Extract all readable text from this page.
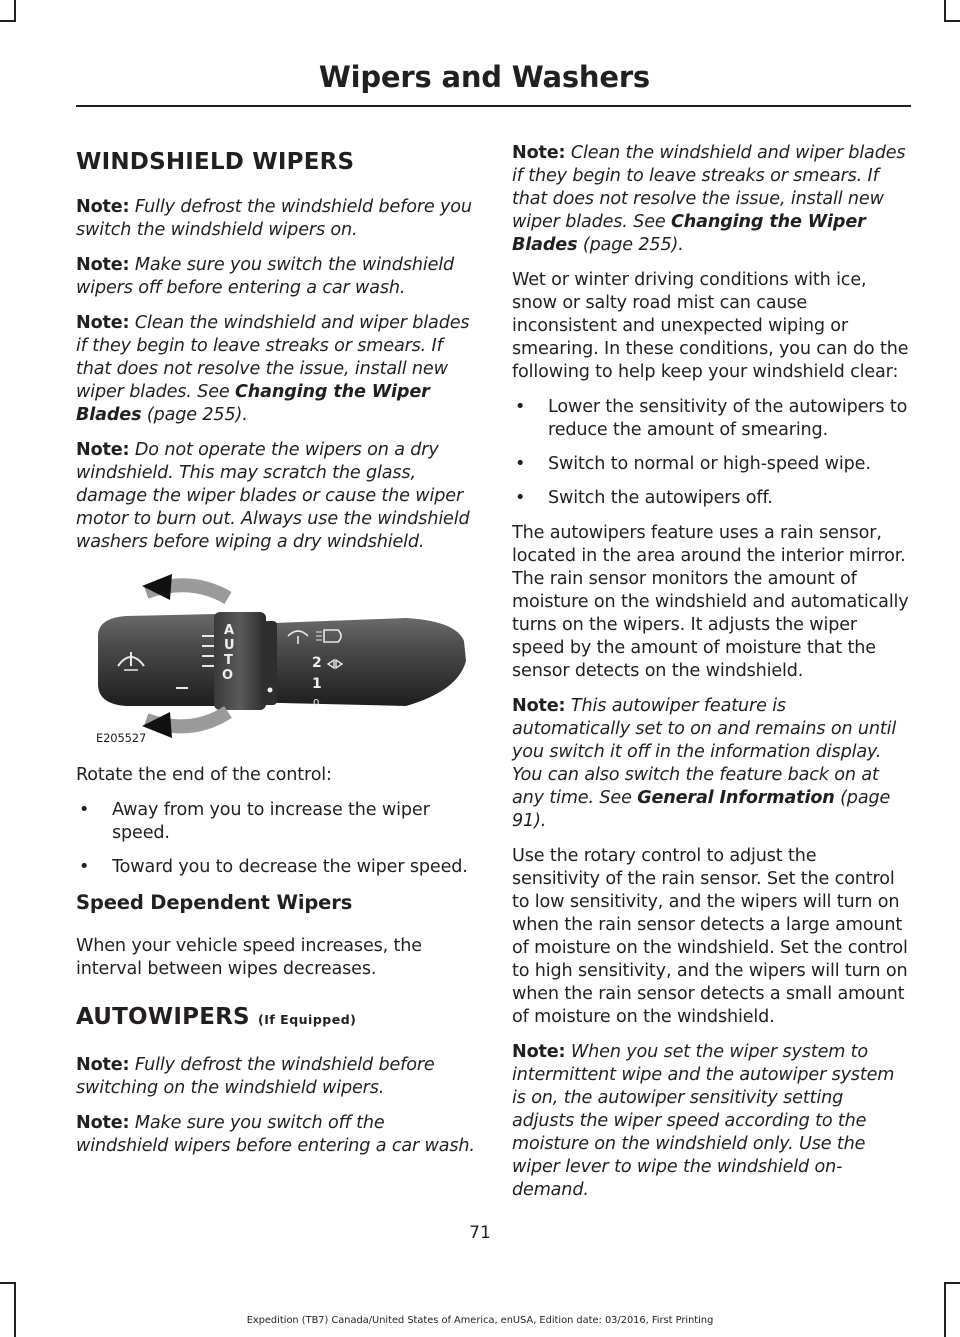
Wipers and Washers
WINDSHIELD WIPERS

Note: Fully defrost the windshield before you switch the windshield wipers on.

Note: Make sure you switch the windshield wipers off before entering a car wash.

Note: Clean the windshield and wiper blades if they begin to leave streaks or smears. If that does not resolve the issue, install new wiper blades. See Changing the Wiper Blades (page 255).

Note: Do not operate the wipers on a dry windshield. This may scratch the glass, damage the wiper blades or cause the wiper motor to burn out. Always use the windshield washers before wiping a dry windshield.

A
U
T
O
2
1
0
E205527

Rotate the end of the control:

• Away from you to increase the wiper speed.
• Toward you to decrease the wiper speed.
Speed Dependent Wipers

When your vehicle speed increases, the interval between wipes decreases.

AUTOWIPERS (If Equipped)

Note: Fully defrost the windshield before switching on the windshield wipers.

Note: Make sure you switch off the windshield wipers before entering a car wash.

Note: Clean the windshield and wiper blades if they begin to leave streaks or smears. If that does not resolve the issue, install new wiper blades. See Changing the Wiper Blades (page 255).

Wet or winter driving conditions with ice, snow or salty road mist can cause inconsistent and unexpected wiping or smearing. In these conditions, you can do the following to help keep your windshield clear:

• Lower the sensitivity of the autowipers to reduce the amount of smearing.
• Switch to normal or high-speed wipe.
• Switch the autowipers off.

The autowipers feature uses a rain sensor, located in the area around the interior mirror. The rain sensor monitors the amount of moisture on the windshield and automatically turns on the wipers. It adjusts the wiper speed by the amount of moisture that the sensor detects on the windshield.

Note: This autowiper feature is automatically set to on and remains on until you switch it off in the information display. You can also switch the feature back on at any time. See General Information (page 91).

Use the rotary control to adjust the sensitivity of the rain sensor. Set the control to low sensitivity, and the wipers will turn on when the rain sensor detects a large amount of moisture on the windshield. Set the control to high sensitivity, and the wipers will turn on when the rain sensor detects a small amount of moisture on the windshield.

Note: When you set the wiper system to intermittent wipe and the autowiper system is on, the autowiper sensitivity setting adjusts the wiper speed according to the moisture on the windshield only. Use the wiper lever to wipe the windshield on-demand.

71
Expedition (TB7) Canada/United States of America, enUSA, Edition date: 03/2016, First Printing
